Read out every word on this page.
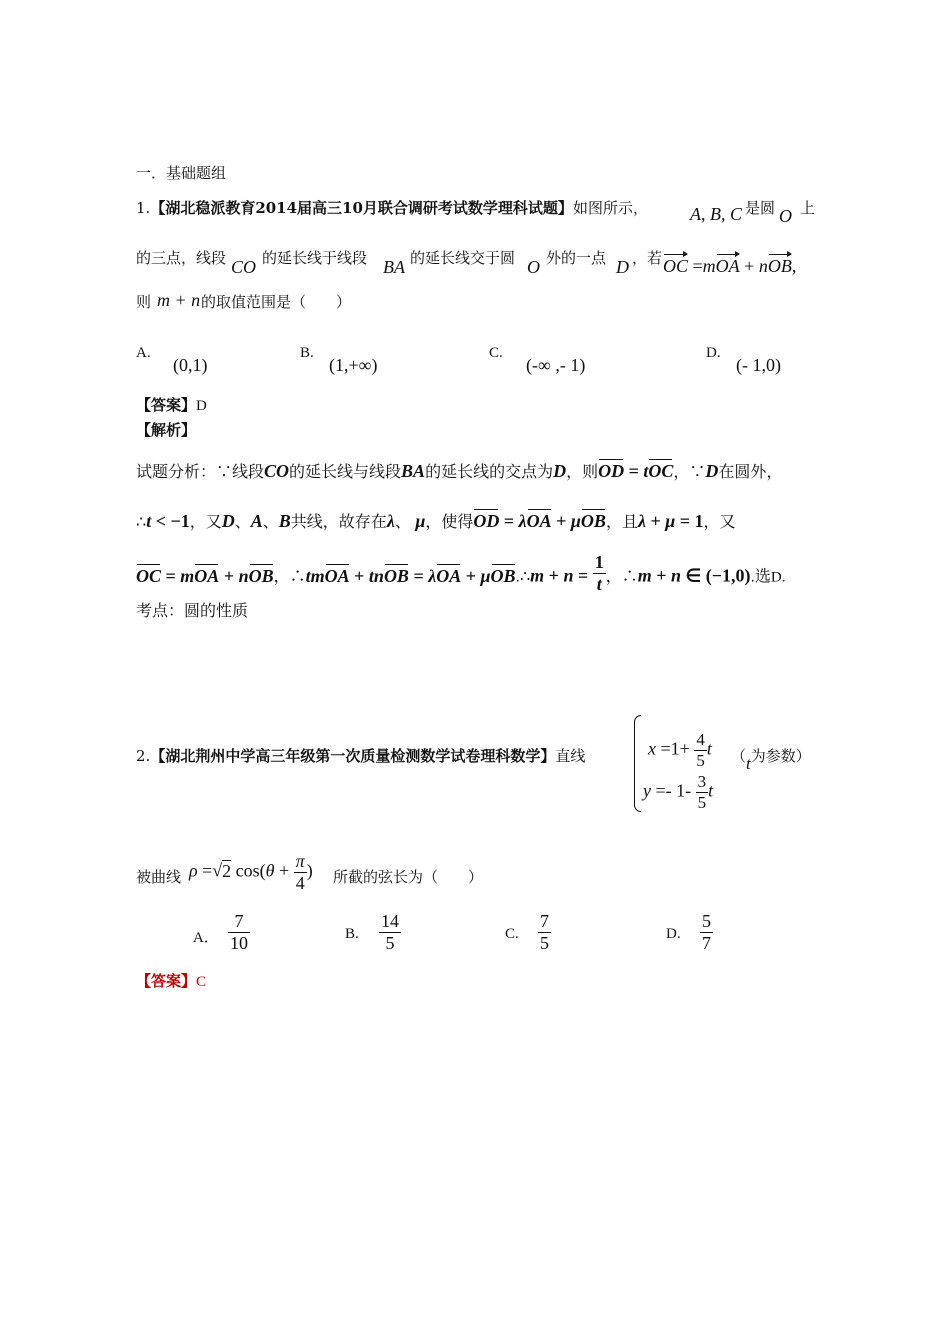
一．基础题组
1.【湖北稳派教育2014届高三10月联合调研考试数学理科试题】如图所示， A, B, C 是圆 O 上
的三点，线段 CO 的延长线于线段 BA 的延长线交于圆 O 外的一点 D ，若 OC =mOA + nOB,
则 m + n 的取值范围是（　　）
A.
(0,1)
B.
(1,+∞)
C.
(-∞ ,- 1)
D.
(- 1,0)
【答案】D
【解析】
试题分析：∵线段CO的延长线与线段BA的延长线的交点为D，则OD = tOC，∵D在圆外，
∴t < −1，又D、A、B共线，故存在λ、 μ，使得OD = λOA + μOB，且λ + μ = 1，又
OC = mOA + nOB，∴tmOA + tnOB = λOA + μOB.∴m + $n = \frac{1}{t}$ ，∴m + n ∈ (−1,0).选D.
考点：圆的性质
2.【湖北荆州中学高三年级第一次质量检测数学试卷理科数学】直线	$x =1+ \frac{4}{5}$ t
$y =- 1- \frac{3}{5}$ t
（t为参数）
被曲线 ρ =√2 $\cos(\theta + \frac{\pi}{4}$ ) 所截的弦长为（　　）
A． $\frac{7}{10}$	B. $\frac{14}{5}$	C. $\frac{7}{5}$	D. $\frac{5}{7}$
【答案】C
